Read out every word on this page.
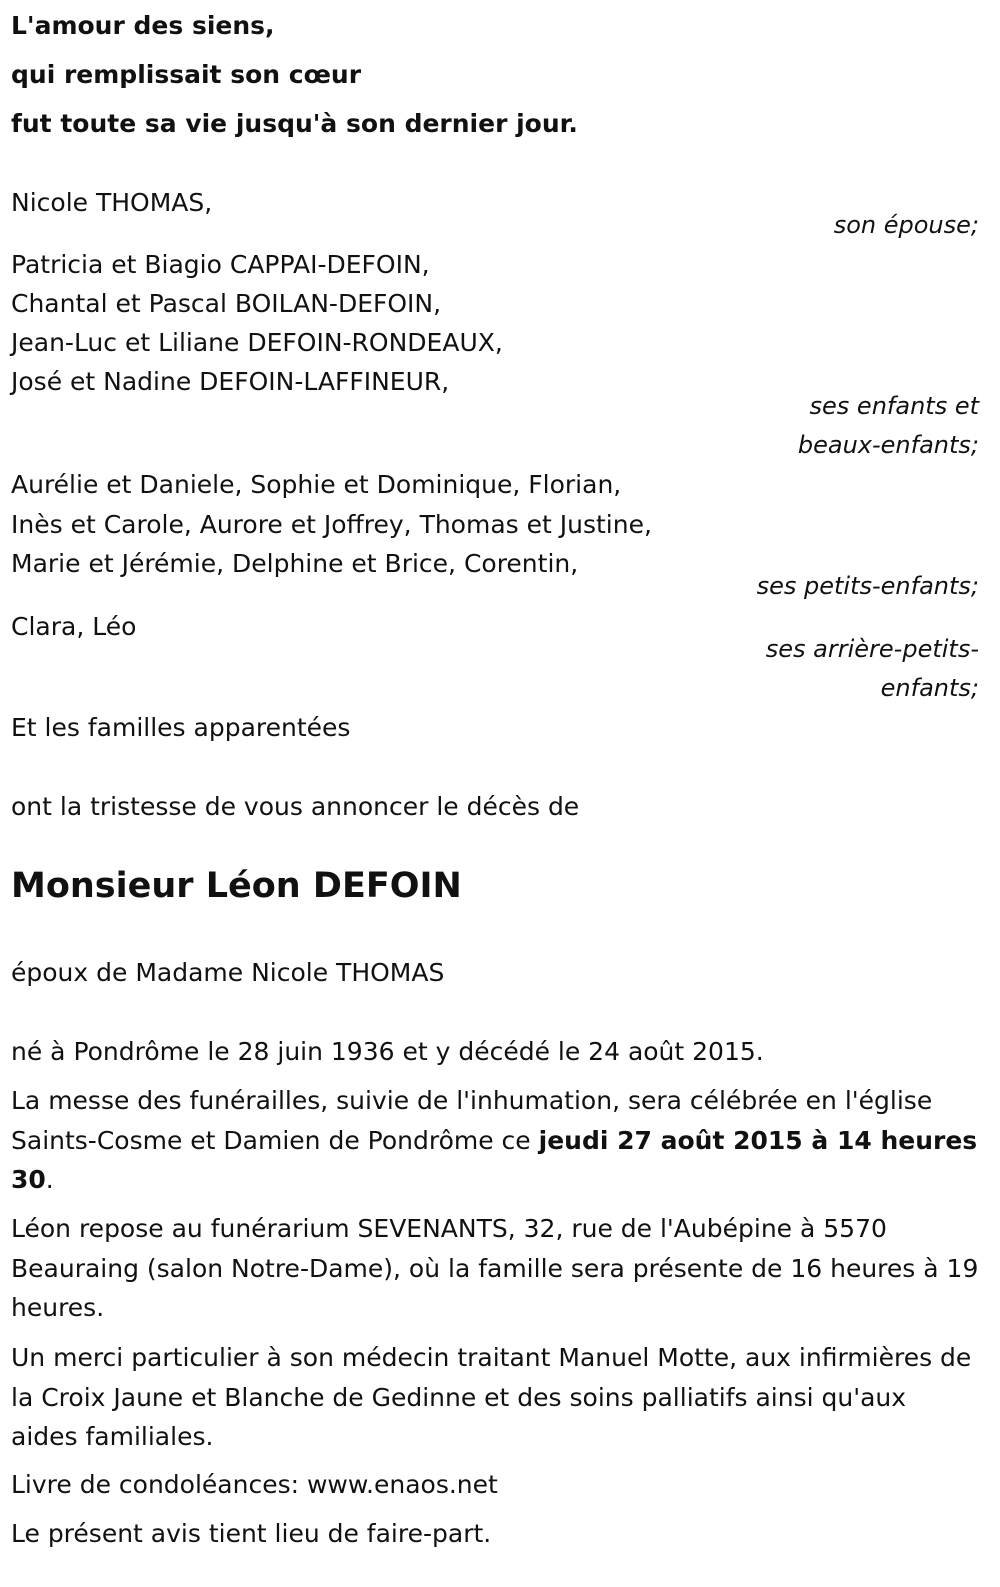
L'amour des siens,
qui remplissait son cœur
fut toute sa vie jusqu'à son dernier jour.
Nicole THOMAS,
son épouse;
Patricia et Biagio CAPPAI-DEFOIN,
Chantal et Pascal BOILAN-DEFOIN,
Jean-Luc et Liliane DEFOIN-RONDEAUX,
José et Nadine DEFOIN-LAFFINEUR,
ses enfants et
beaux-enfants;
Aurélie et Daniele, Sophie et Dominique, Florian,
Inès et Carole, Aurore et Joffrey, Thomas et Justine,
Marie et Jérémie, Delphine et Brice, Corentin,
ses petits-enfants;
Clara, Léo
ses arrière-petits-
enfants;
Et les familles apparentées
ont la tristesse de vous annoncer le décès de
Monsieur Léon DEFOIN
époux de Madame Nicole THOMAS
né à Pondrôme le 28 juin 1936 et y décédé le 24 août 2015.
La messe des funérailles, suivie de l'inhumation, sera célébrée en l'église Saints-Cosme et Damien de Pondrôme ce jeudi 27 août 2015 à 14 heures 30.
Léon repose au funérarium SEVENANTS, 32, rue de l'Aubépine à 5570 Beauraing (salon Notre-Dame), où la famille sera présente de 16 heures à 19 heures.
Un merci particulier à son médecin traitant Manuel Motte, aux infirmières de la Croix Jaune et Blanche de Gedinne et des soins palliatifs ainsi qu'aux aides familiales.
Livre de condoléances: www.enaos.net
Le présent avis tient lieu de faire-part.
